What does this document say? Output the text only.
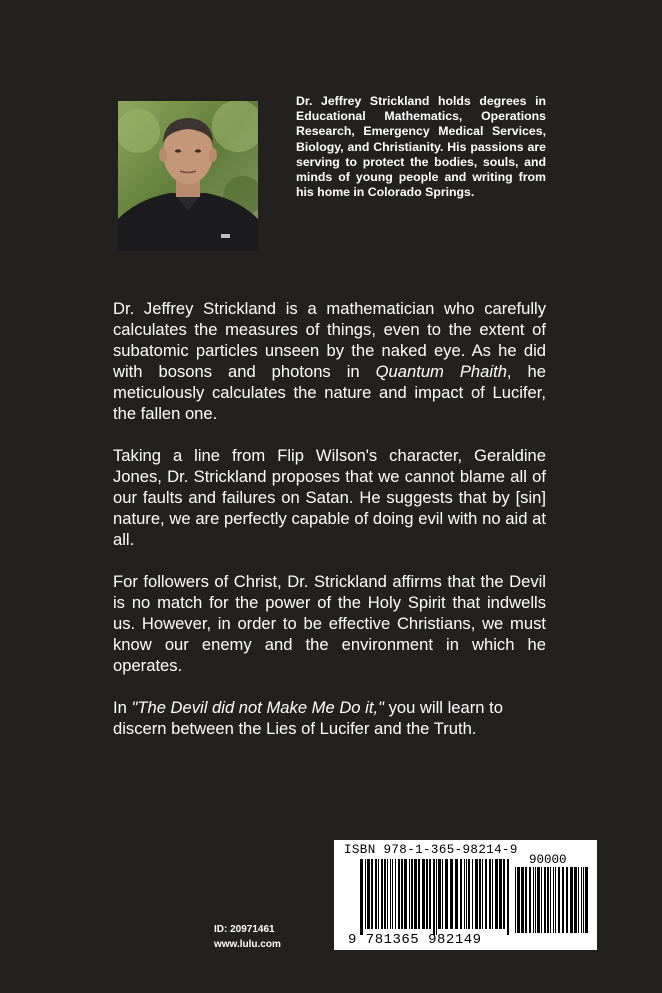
Dr. Jeffrey Strickland holds degrees in Educational Mathematics, Operations Research, Emergency Medical Services, Biology, and Christianity. His passions are serving to protect the bodies, souls, and minds of young people and writing from his home in Colorado Springs.

Dr. Jeffrey Strickland is a mathematician who carefully calculates the measures of things, even to the extent of subatomic particles unseen by the naked eye. As he did with bosons and photons in Quantum Phaith, he meticulously calculates the nature and impact of Lucifer, the fallen one.

Taking a line from Flip Wilson's character, Geraldine Jones, Dr. Strickland proposes that we cannot blame all of our faults and failures on Satan. He suggests that by [sin] nature, we are perfectly capable of doing evil with no aid at all.

For followers of Christ, Dr. Strickland affirms that the Devil is no match for the power of the Holy Spirit that indwells us. However, in order to be effective Christians, we must know our enemy and the environment in which he operates.

In "The Devil did not Make Me Do it," you will learn to discern between the Lies of Lucifer and the Truth.

ID: 20971461
www.lulu.com
ISBN 978-1-365-98214-9
90000
9 781365 982149
